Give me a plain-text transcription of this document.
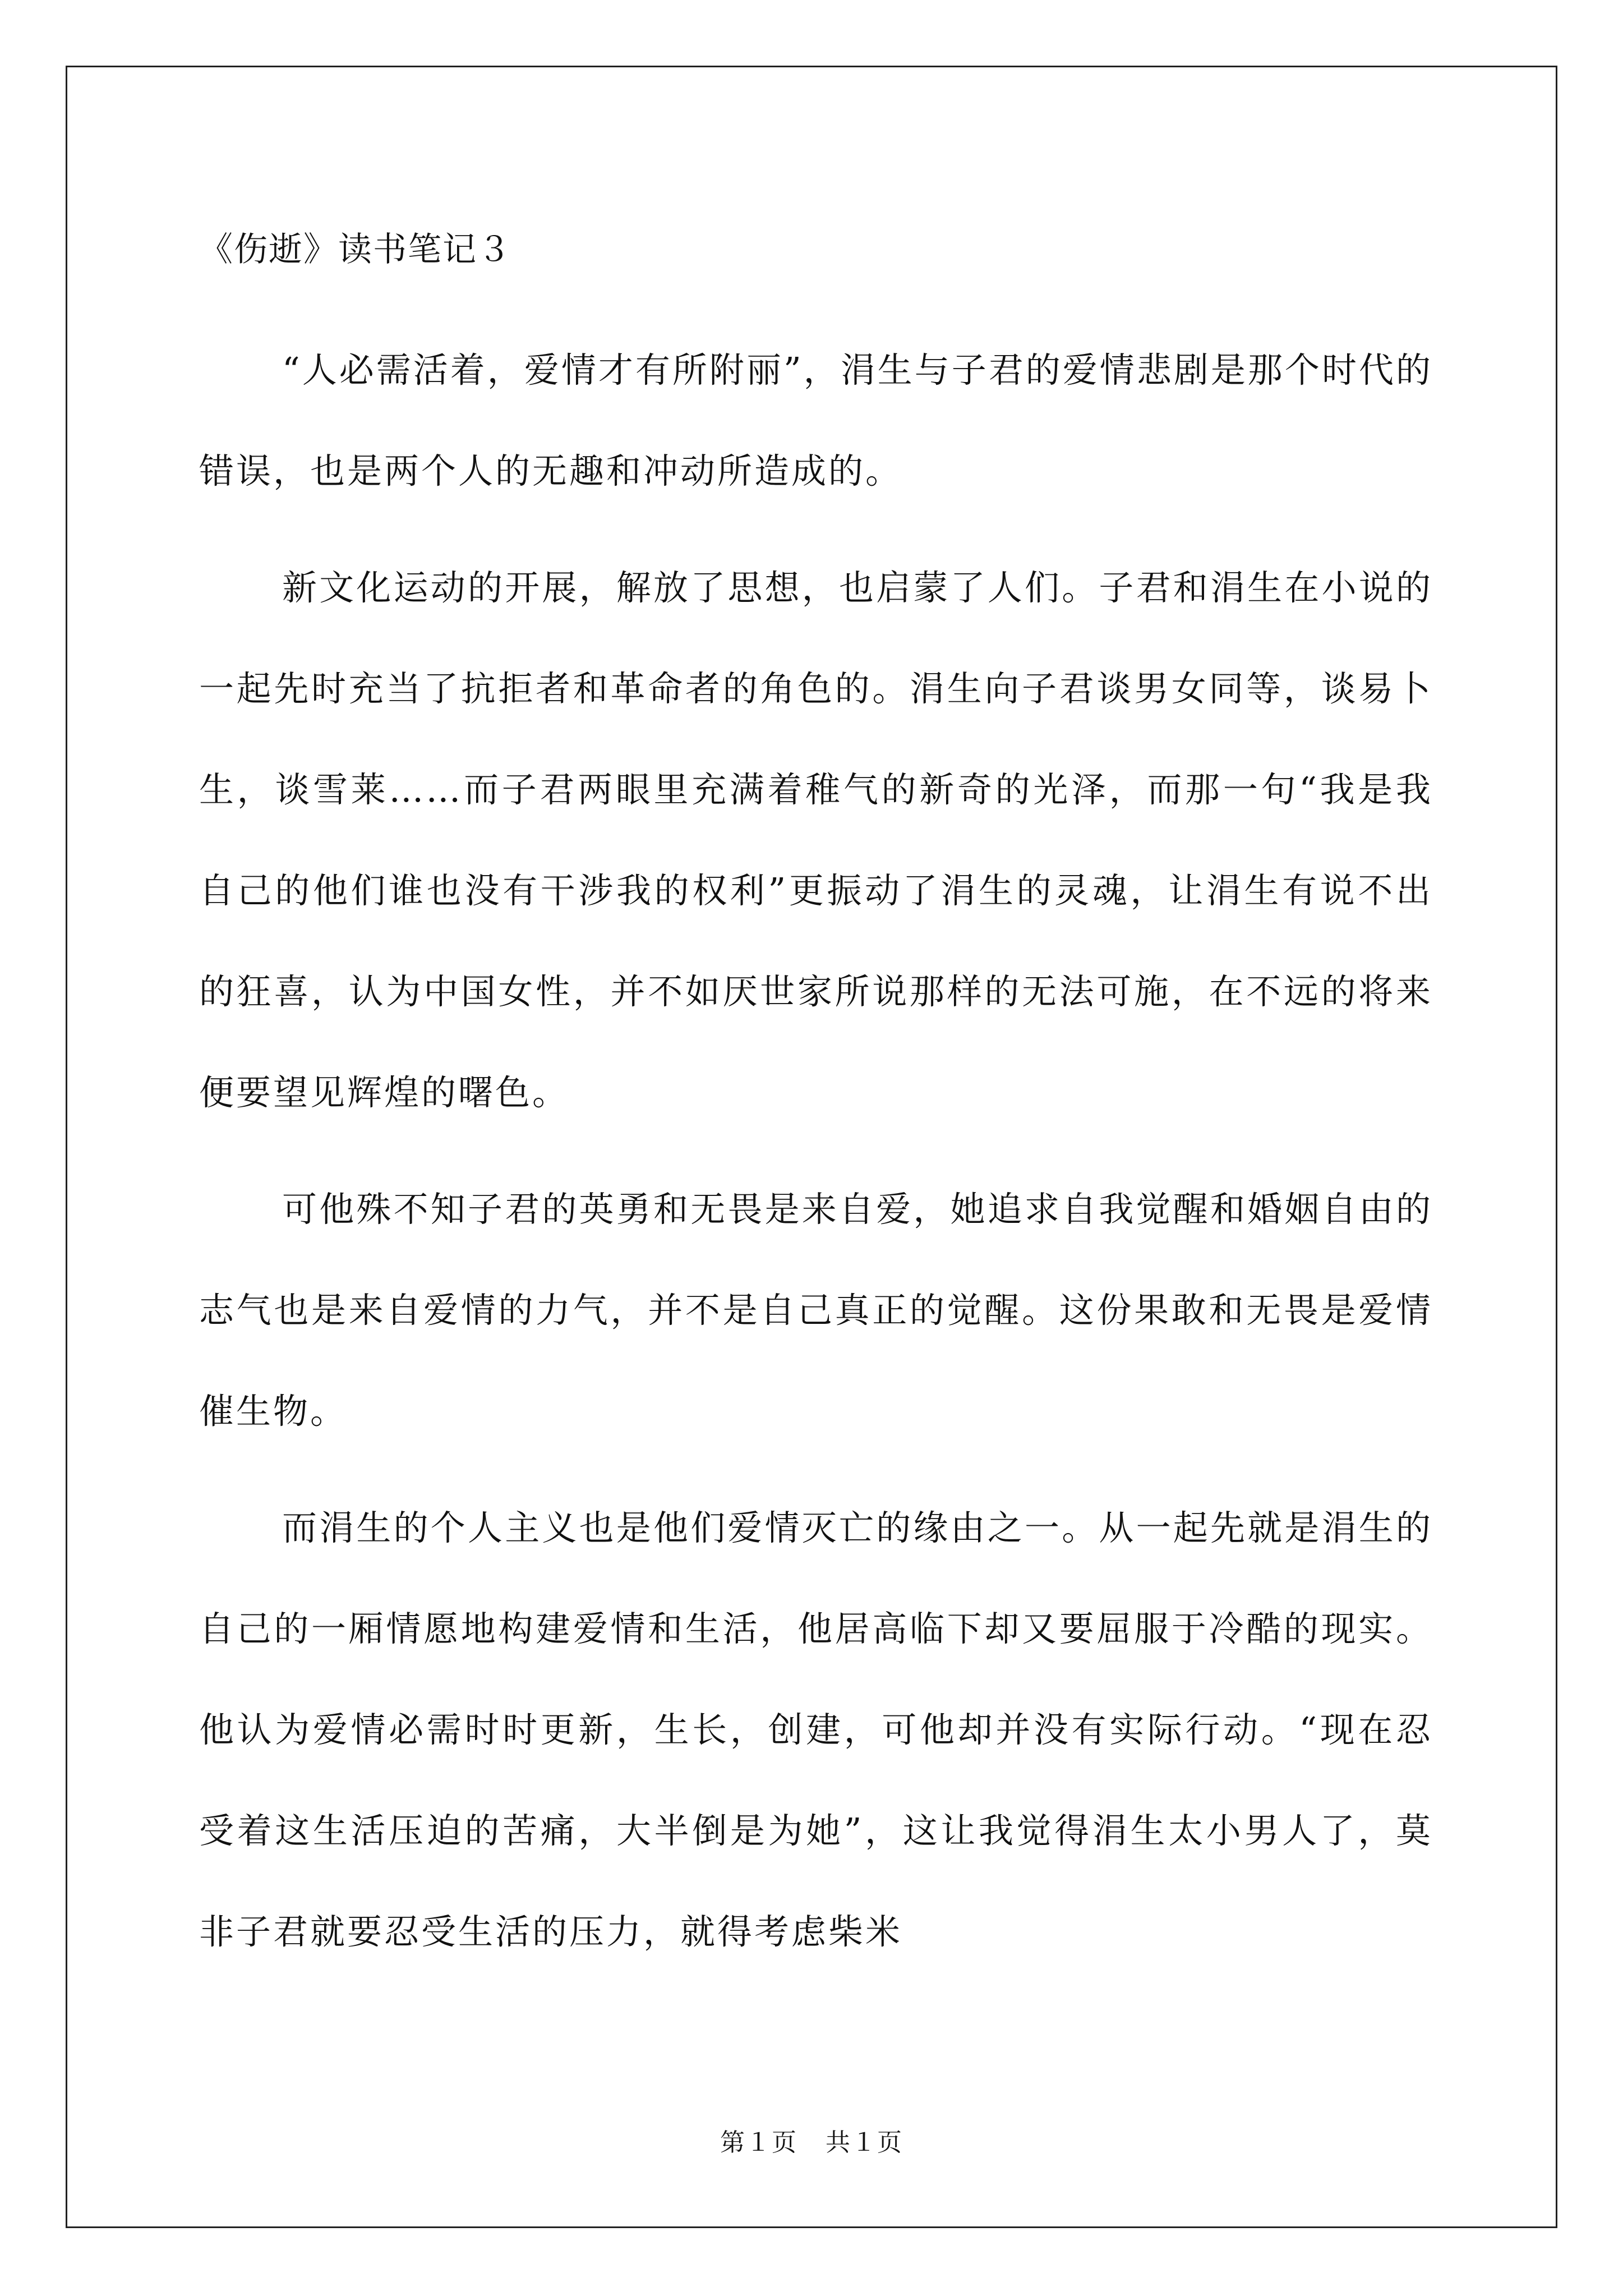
《伤逝》读书笔记３

“人必需活着，爱情才有所附丽”，涓生与子君的爱情悲剧是那个时代的错误，也是两个人的无趣和冲动所造成的。

新文化运动的开展，解放了思想，也启蒙了人们。子君和涓生在小说的一起先时充当了抗拒者和革命者的角色的。涓生向子君谈男女同等，谈易卜生，谈雪莱……而子君两眼里充满着稚气的新奇的光泽，而那一句“我是我自己的他们谁也没有干涉我的权利”更振动了涓生的灵魂，让涓生有说不出的狂喜，认为中国女性，并不如厌世家所说那样的无法可施，在不远的将来便要望见辉煌的曙色。

可他殊不知子君的英勇和无畏是来自爱，她追求自我觉醒和婚姻自由的志气也是来自爱情的力气，并不是自己真正的觉醒。这份果敢和无畏是爱情催生物。

而涓生的个人主义也是他们爱情灭亡的缘由之一。从一起先就是涓生的自己的一厢情愿地构建爱情和生活，他居高临下却又要屈服于冷酷的现实。他认为爱情必需时时更新，生长，创建，可他却并没有实际行动。“现在忍受着这生活压迫的苦痛，大半倒是为她”，这让我觉得涓生太小男人了，莫非子君就要忍受生活的压力，就得考虑柴米

第１页 共１页
